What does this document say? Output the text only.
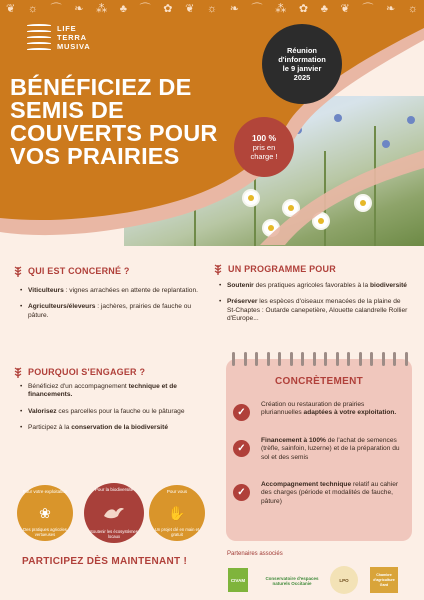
❦ ☼ ⌒ ❧ ⁂ ♣ ⌒ ✿ ❦ ☼ ❧ ⌒ ⁂ ✿ ♣ ❦ ⌒ ❧ ☼
LIFE
TERRA
MUSIVA
BÉNÉFICIEZ DE
SEMIS DE
COUVERTS POUR
VOS PRAIRIES
Réunion
d'information
le 9 janvier
2025
100 %
pris en
charge !
QUI EST CONCERNÉ ?
• Viticulteurs : vignes arrachées en attente de replantation.
• Agriculteurs/éleveurs : jachères, prairies de fauche ou pâture.
UN PROGRAMME POUR
• Soutenir des pratiques agricoles favorables à la biodiversité
• Préserver les espèces d'oiseaux menacées de la plaine de St-Chaptes : Outarde canepetière, Alouette calandrelle Rollier d'Europe...
POURQUOI S'ENGAGER ?
• Bénéficiez d'un accompagnement technique et de financements.
• Valorisez ces parcelles pour la fauche ou le pâturage
• Participez à la conservation de la biodiversité
Pour votre exploitation
❀
Des pratiques agricoles vertueuses
Pour la biodiversité
Soutenir les écosystèmes locaux
Pour vous
✋
Un projet clé en main et gratuit
CONCRÈTEMENT
✓
Création ou restauration de prairies pluriannuelles adaptées à votre exploitation.
✓
Financement à 100% de l'achat de semences (trèfle, sainfoin, luzerne) et de la préparation du sol et des semis
✓
Accompagnement technique relatif au cahier des charges (période et modalités de fauche, pâture)
PARTICIPEZ DÈS MAINTENANT !
Partenaires associés
CIVAM	Conservatoire d'espaces naturels Occitanie
LPO
Chambre d'agriculture Gard
